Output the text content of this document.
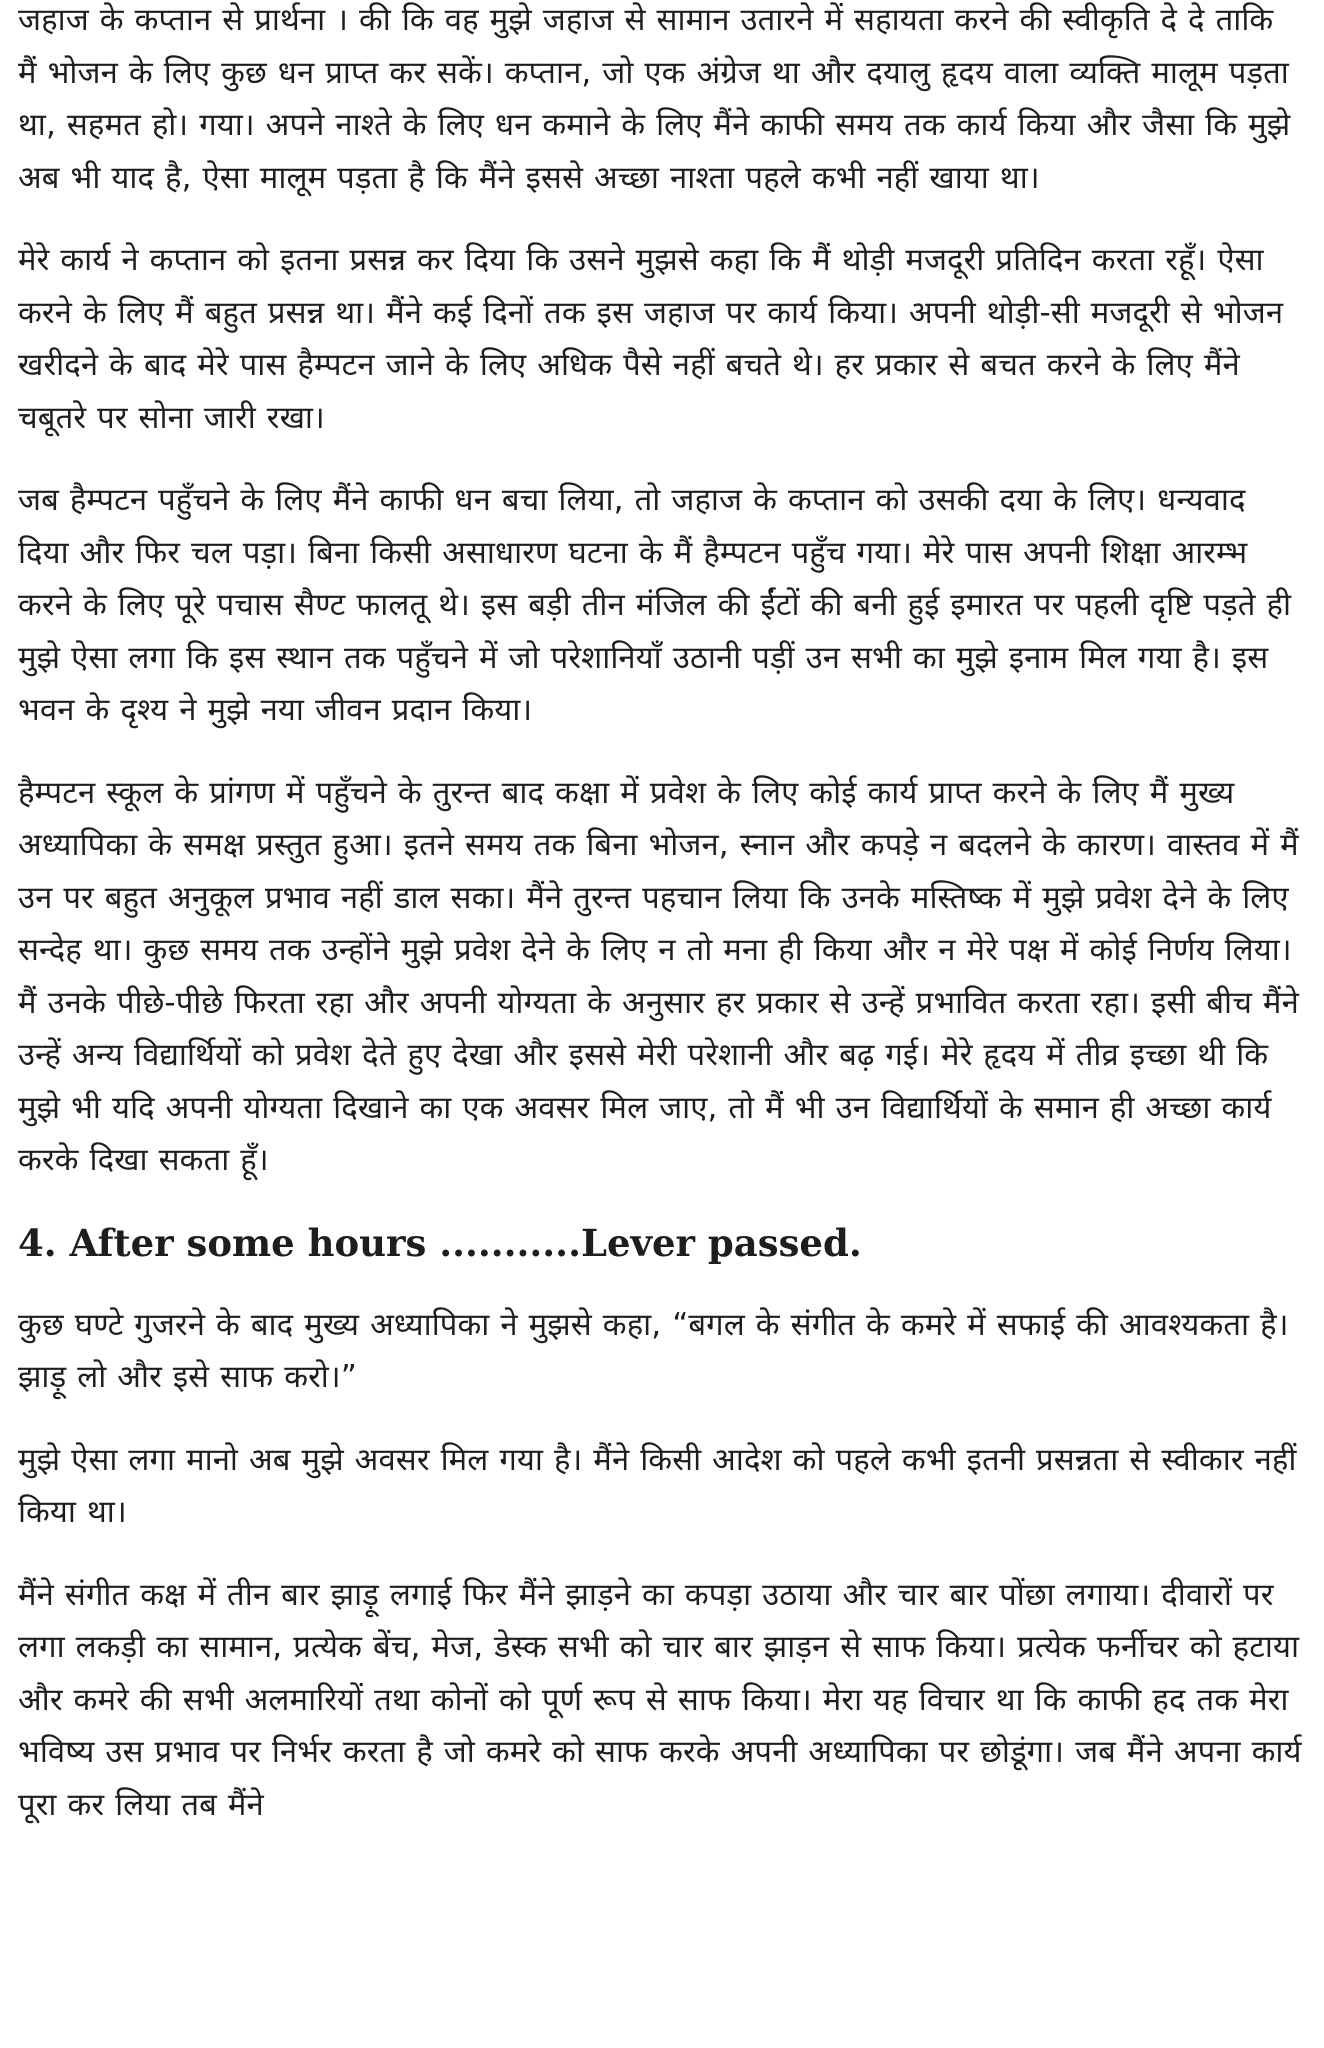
जहाज के कप्तान से प्रार्थना । की कि वह मुझे जहाज से सामान उतारने में सहायता करने की स्वीकृति दे दे ताकि मैं भोजन के लिए कुछ धन प्राप्त कर सकें। कप्तान, जो एक अंग्रेज था और दयालु हृदय वाला व्यक्ति मालूम पड़ता था, सहमत हो। गया। अपने नाश्ते के लिए धन कमाने के लिए मैंने काफी समय तक कार्य किया और जैसा कि मुझे अब भी याद है, ऐसा मालूम पड़ता है कि मैंने इससे अच्छा नाश्ता पहले कभी नहीं खाया था।

मेरे कार्य ने कप्तान को इतना प्रसन्न कर दिया कि उसने मुझसे कहा कि मैं थोड़ी मजदूरी प्रतिदिन करता रहूँ। ऐसा करने के लिए मैं बहुत प्रसन्न था। मैंने कई दिनों तक इस जहाज पर कार्य किया। अपनी थोड़ी-सी मजदूरी से भोजन खरीदने के बाद मेरे पास हैम्पटन जाने के लिए अधिक पैसे नहीं बचते थे। हर प्रकार से बचत करने के लिए मैंने चबूतरे पर सोना जारी रखा।

जब हैम्पटन पहुँचने के लिए मैंने काफी धन बचा लिया, तो जहाज के कप्तान को उसकी दया के लिए। धन्यवाद दिया और फिर चल पड़ा। बिना किसी असाधारण घटना के मैं हैम्पटन पहुँच गया। मेरे पास अपनी शिक्षा आरम्भ करने के लिए पूरे पचास सैण्ट फालतू थे। इस बड़ी तीन मंजिल की ईंटों की बनी हुई इमारत पर पहली दृष्टि पड़ते ही मुझे ऐसा लगा कि इस स्थान तक पहुँचने में जो परेशानियाँ उठानी पड़ीं उन सभी का मुझे इनाम मिल गया है। इस भवन के दृश्य ने मुझे नया जीवन प्रदान किया।

हैम्पटन स्कूल के प्रांगण में पहुँचने के तुरन्त बाद कक्षा में प्रवेश के लिए कोई कार्य प्राप्त करने के लिए मैं मुख्य अध्यापिका के समक्ष प्रस्तुत हुआ। इतने समय तक बिना भोजन, स्नान और कपड़े न बदलने के कारण। वास्तव में मैं उन पर बहुत अनुकूल प्रभाव नहीं डाल सका। मैंने तुरन्त पहचान लिया कि उनके मस्तिष्क में मुझे प्रवेश देने के लिए सन्देह था। कुछ समय तक उन्होंने मुझे प्रवेश देने के लिए न तो मना ही किया और न मेरे पक्ष में कोई निर्णय लिया। मैं उनके पीछे-पीछे फिरता रहा और अपनी योग्यता के अनुसार हर प्रकार से उन्हें प्रभावित करता रहा। इसी बीच मैंने उन्हें अन्य विद्यार्थियों को प्रवेश देते हुए देखा और इससे मेरी परेशानी और बढ़ गई। मेरे हृदय में तीव्र इच्छा थी कि मुझे भी यदि अपनी योग्यता दिखाने का एक अवसर मिल जाए, तो मैं भी उन विद्यार्थियों के समान ही अच्छा कार्य करके दिखा सकता हूँ।

4. After some hours ...........Lever passed.

कुछ घण्टे गुजरने के बाद मुख्य अध्यापिका ने मुझसे कहा, “बगल के संगीत के कमरे में सफाई की आवश्यकता है। झाड़ू लो और इसे साफ करो।”

मुझे ऐसा लगा मानो अब मुझे अवसर मिल गया है। मैंने किसी आदेश को पहले कभी इतनी प्रसन्नता से स्वीकार नहीं किया था।

मैंने संगीत कक्ष में तीन बार झाड़ू लगाई फिर मैंने झाड़ने का कपड़ा उठाया और चार बार पोंछा लगाया। दीवारों पर लगा लकड़ी का सामान, प्रत्येक बेंच, मेज, डेस्क सभी को चार बार झाड़न से साफ किया। प्रत्येक फर्नीचर को हटाया और कमरे की सभी अलमारियों तथा कोनों को पूर्ण रूप से साफ किया। मेरा यह विचार था कि काफी हद तक मेरा भविष्य उस प्रभाव पर निर्भर करता है जो कमरे को साफ करके अपनी अध्यापिका पर छोडूंगा। जब मैंने अपना कार्य पूरा कर लिया तब मैंने
